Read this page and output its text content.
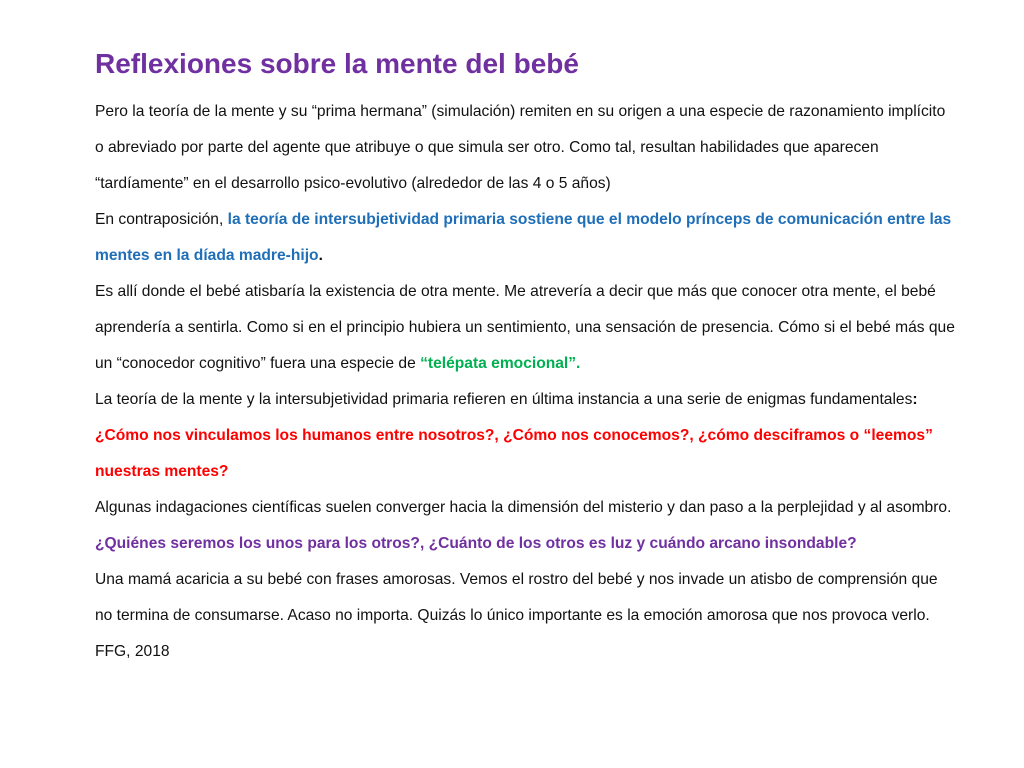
Reflexiones sobre la mente del bebé

Pero la teoría de la mente y su “prima hermana” (simulación) remiten en su origen a una especie de razonamiento implícito o abreviado por parte del agente que atribuye o que simula ser otro. Como tal, resultan habilidades que aparecen “tardíamente” en el desarrollo psico-evolutivo (alrededor de las 4 o 5 años)

En contraposición, la teoría de intersubjetividad primaria sostiene que el modelo prínceps de comunicación entre las mentes en la díada madre-hijo.

Es allí donde el bebé atisbaría la existencia de otra mente. Me atrevería a decir que más que conocer otra mente, el bebé aprendería a sentirla. Como si en el principio hubiera un sentimiento, una sensación de presencia. Cómo si el bebé más que un “conocedor cognitivo” fuera una especie de “telépata emocional”.

La teoría de la mente y la intersubjetividad primaria refieren en última instancia a una serie de enigmas fundamentales: ¿Cómo nos vinculamos los humanos entre nosotros?, ¿Cómo nos conocemos?, ¿cómo desciframos o “leemos” nuestras mentes?

Algunas indagaciones científicas suelen converger hacia la dimensión del misterio y dan paso a la perplejidad y al asombro. ¿Quiénes seremos los unos para los otros?, ¿Cuánto de los otros es luz y cuándo arcano insondable?

Una mamá acaricia a su bebé con frases amorosas. Vemos el rostro del bebé y nos invade un atisbo de comprensión que no termina de consumarse. Acaso no importa. Quizás lo único importante es la emoción amorosa que nos provoca verlo.

FFG, 2018
